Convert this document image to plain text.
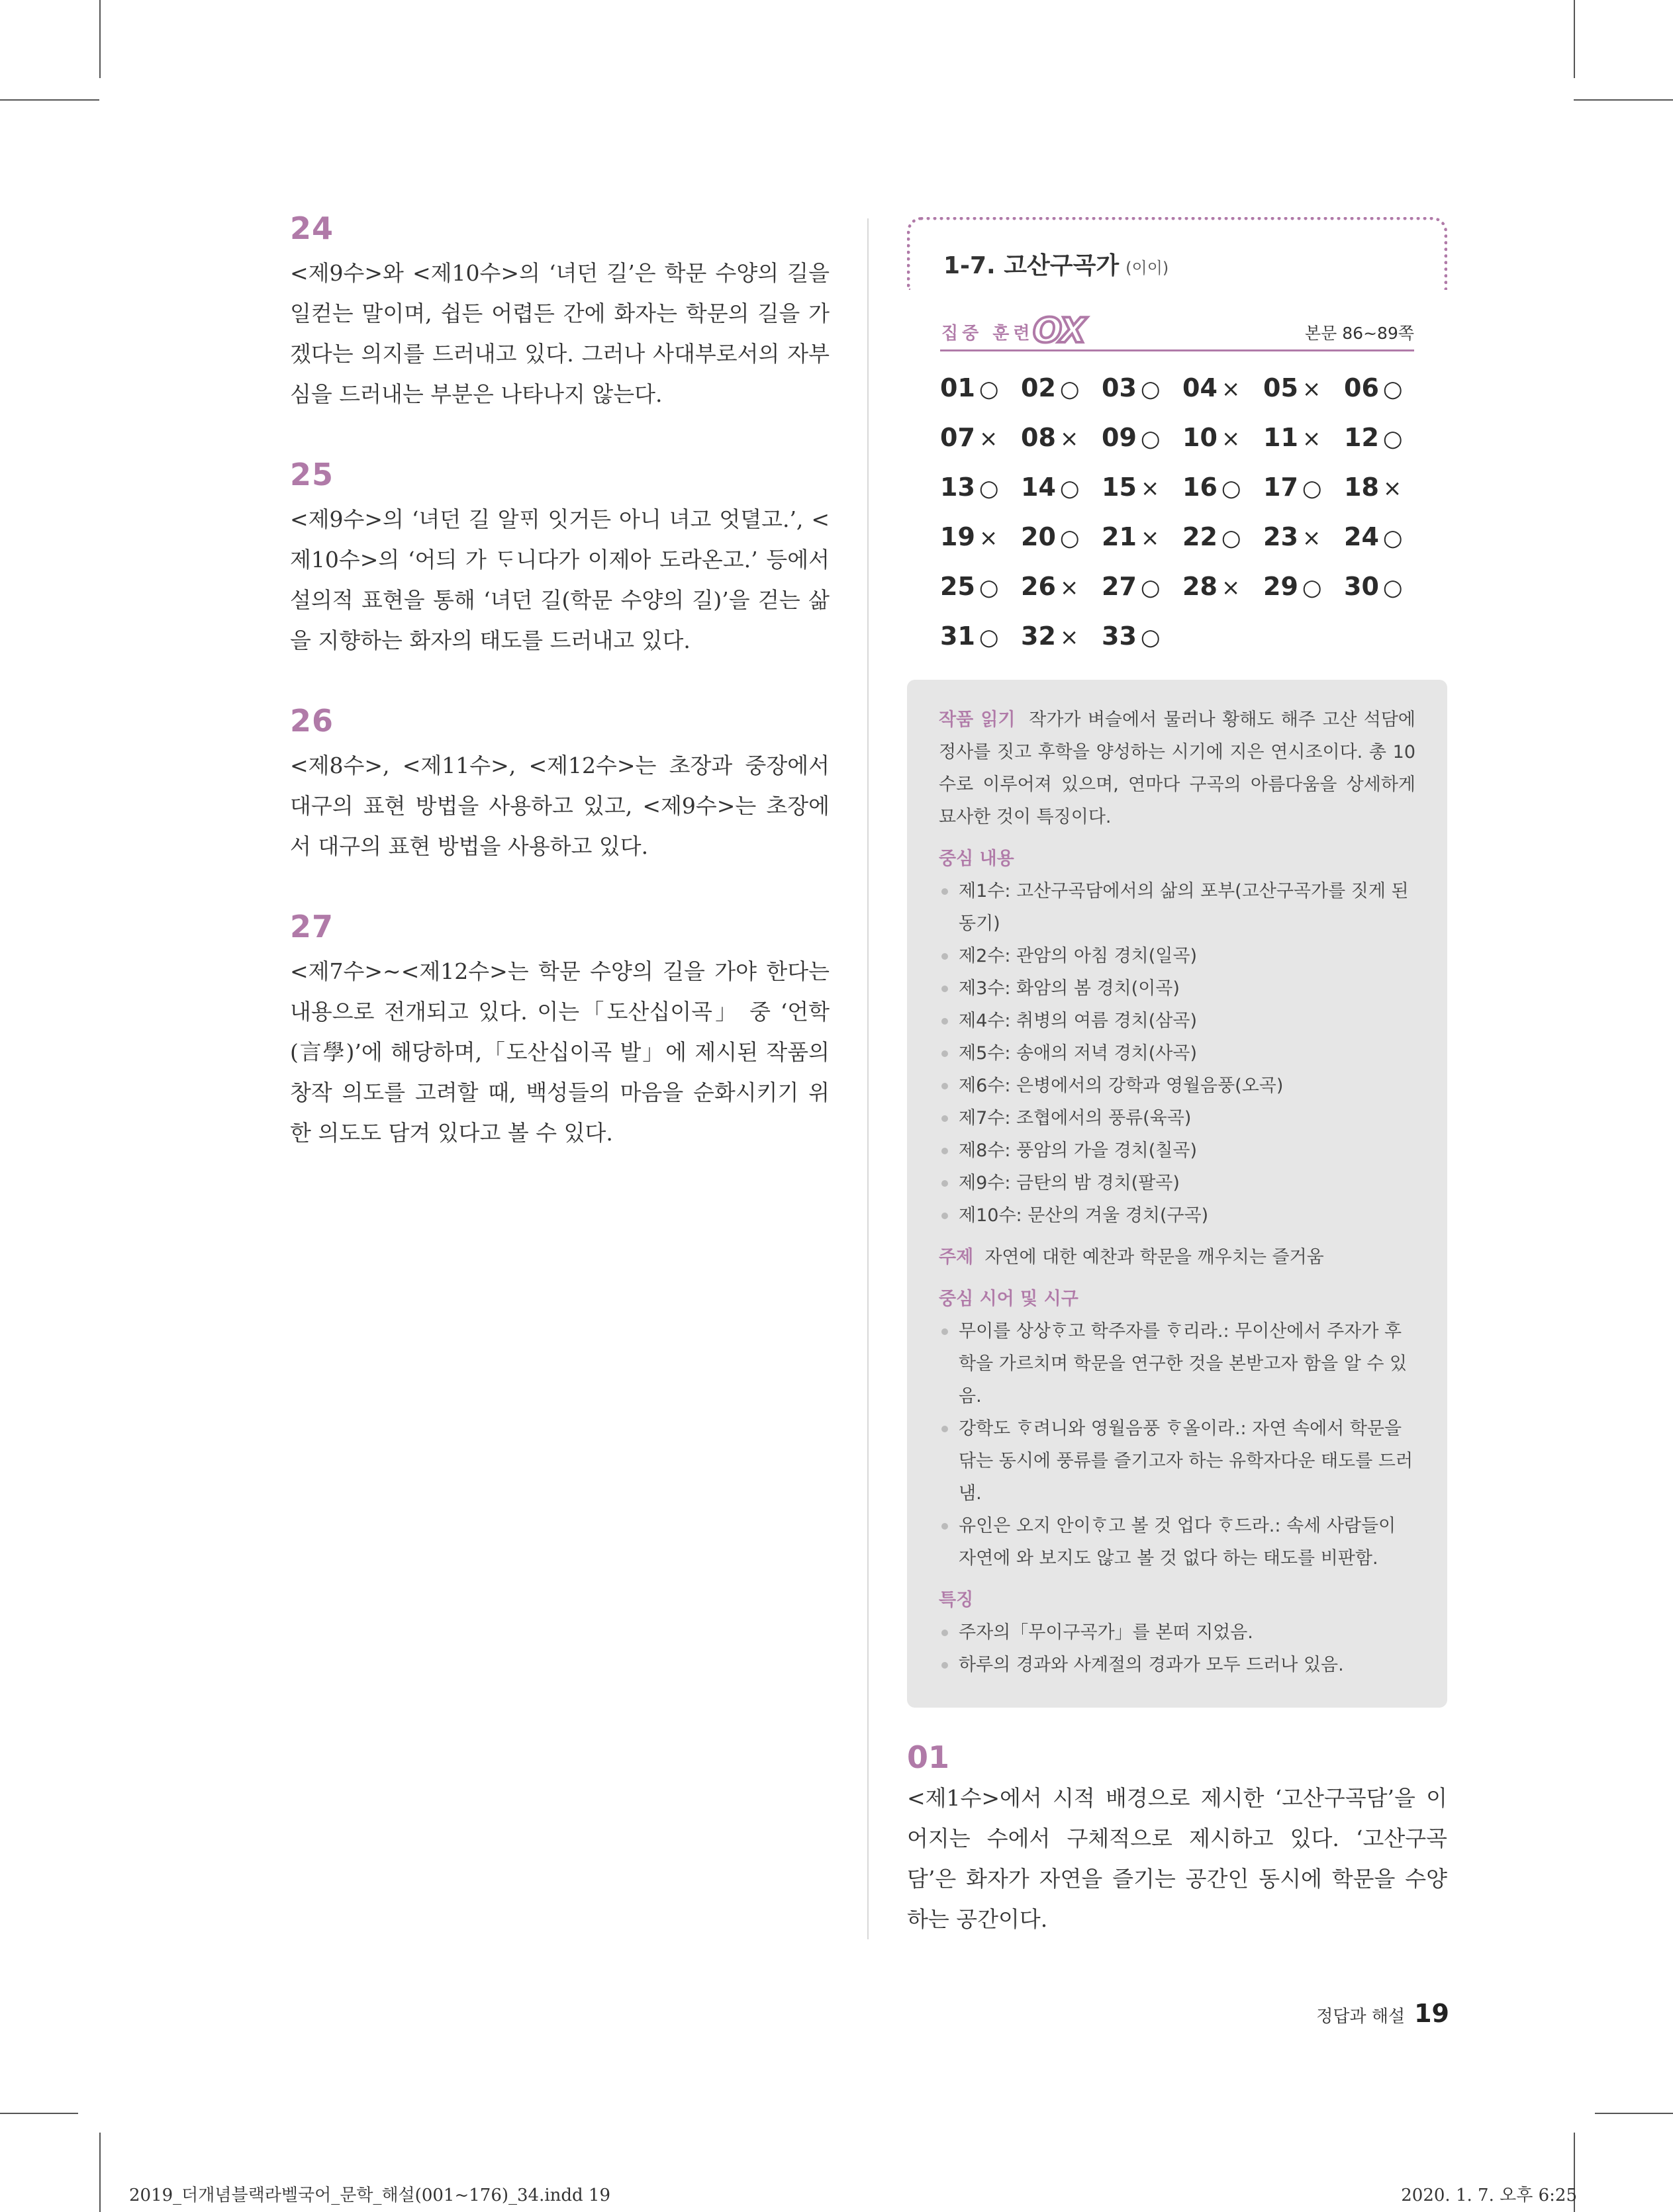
24

<제9수>와 <제10수>의 ‘녀던 길’은 학문 수양의 길을 일컫는 말이며, 쉽든 어렵든 간에 화자는 학문의 길을 가겠다는 의지를 드러내고 있다. 그러나 사대부로서의 자부심을 드러내는 부분은 나타나지 않는다.

25

<제9수>의 ‘녀던 길 알ᄑᆡ 잇거든 아니 녀고 엇뎔고.’, <제10수>의 ‘어듸 가 ᄃᆞ니다가 이제아 도라온고.’ 등에서 설의적 표현을 통해 ‘녀던 길(학문 수양의 길)’을 걷는 삶을 지향하는 화자의 태도를 드러내고 있다.

26

<제8수>, <제11수>, <제12수>는 초장과 중장에서 대구의 표현 방법을 사용하고 있고, <제9수>는 초장에서 대구의 표현 방법을 사용하고 있다.

27

<제7수>~<제12수>는 학문 수양의 길을 가야 한다는 내용으로 전개되고 있다. 이는「도산십이곡」 중 ‘언학(言學)’에 해당하며,「도산십이곡 발」에 제시된 작품의 창작 의도를 고려할 때, 백성들의 마음을 순화시키기 위한 의도도 담겨 있다고 볼 수 있다.

1-7. 고산구곡가 (이이)
집중 훈련
OX	본문 86~89쪽
01 ○ 02 ○ 03 ○ 04 × 05 × 06 ○
07 × 08 × 09 ○ 10 × 11 × 12 ○
13 ○ 14 ○ 15 × 16 ○ 17 ○ 18 ×
19 × 20 ○ 21 × 22 ○ 23 × 24 ○
25 ○ 26 × 27 ○ 28 × 29 ○ 30 ○
31 ○ 32 × 33 ○

작품 읽기 작가가 벼슬에서 물러나 황해도 해주 고산 석담에 정사를 짓고 후학을 양성하는 시기에 지은 연시조이다. 총 10수로 이루어져 있으며, 연마다 구곡의 아름다움을 상세하게 묘사한 것이 특징이다.

중심 내용
제1수: 고산구곡담에서의 삶의 포부(고산구곡가를 짓게 된 동기)
제2수: 관암의 아침 경치(일곡)
제3수: 화암의 봄 경치(이곡)
제4수: 취병의 여름 경치(삼곡)
제5수: 송애의 저녁 경치(사곡)
제6수: 은병에서의 강학과 영월음풍(오곡)
제7수: 조협에서의 풍류(육곡)
제8수: 풍암의 가을 경치(칠곡)
제9수: 금탄의 밤 경치(팔곡)
제10수: 문산의 겨울 경치(구곡)

주제 자연에 대한 예찬과 학문을 깨우치는 즐거움

중심 시어 및 시구
무이를 상상ᄒᆞ고 학주자를 ᄒᆞ리라.: 무이산에서 주자가 후학을 가르치며 학문을 연구한 것을 본받고자 함을 알 수 있음.
강학도 ᄒᆞ려니와 영월음풍 ᄒᆞ올이라.: 자연 속에서 학문을 닦는 동시에 풍류를 즐기고자 하는 유학자다운 태도를 드러냄.
유인은 오지 안이ᄒᆞ고 볼 것 업다 ᄒᆞ드라.: 속세 사람들이 자연에 와 보지도 않고 볼 것 없다 하는 태도를 비판함.
특징
주자의「무이구곡가」를 본떠 지었음.
하루의 경과와 사계절의 경과가 모두 드러나 있음.
01
<제1수>에서 시적 배경으로 제시한 ‘고산구곡담’을 이어지는 수에서 구체적으로 제시하고 있다. ‘고산구곡담’은 화자가 자연을 즐기는 공간인 동시에 학문을 수양하는 공간이다.
정답과 해설 19
2019_더개념블랙라벨국어_문학_해설(001~176)_34.indd 19	2020. 1. 7. 오후 6:25
